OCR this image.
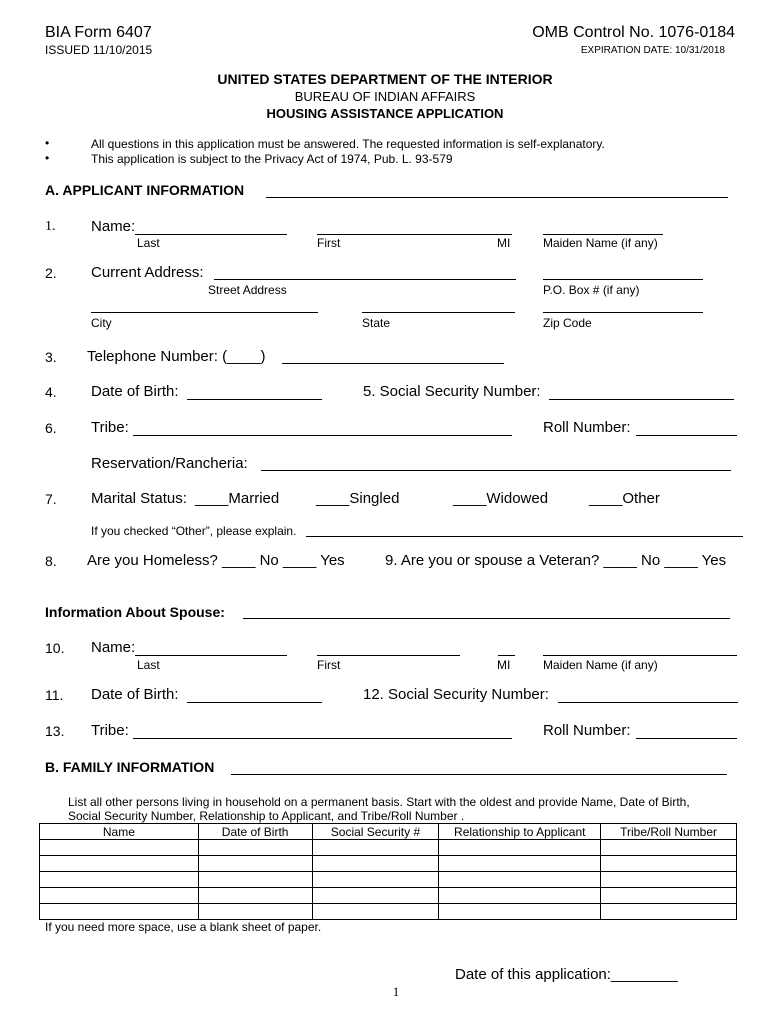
BIA Form 6407
ISSUED 11/10/2015
OMB Control No. 1076-0184
EXPIRATION DATE: 10/31/2018
UNITED STATES DEPARTMENT OF THE INTERIOR
BUREAU OF INDIAN AFFAIRS
HOUSING ASSISTANCE APPLICATION
•	All questions in this application must be answered. The requested information is self-explanatory.
•	This application is subject to the Privacy Act of 1974, Pub. L. 93-579
A. APPLICANT INFORMATION
1. Name:
Last	First	MI	Maiden Name (if any)
2. Current Address:
Street Address	P.O. Box # (if any)
City	State	Zip Code
3. Telephone Number: (____)
4. Date of Birth:	5. Social Security Number:
6. Tribe:	Roll Number:
Reservation/Rancheria:
7. Marital Status: ____Married ____Singled	____Widowed	____Other
If you checked “Other”, please explain.
8. Are you Homeless? ____ No ____ Yes	9. Are you or spouse a Veteran? ____ No ____ Yes
Information About Spouse:
10. Name:
Last	First	MI	Maiden Name (if any)
11. Date of Birth:	12. Social Security Number:
13. Tribe:	Roll Number:
B. FAMILY INFORMATION
List all other persons living in household on a permanent basis. Start with the oldest and provide Name, Date of Birth,
Social Security Number, Relationship to Applicant, and Tribe/Roll Number .
Name	Date of Birth	Social Security #	Relationship to Applicant	Tribe/Roll Number

If you need more space, use a blank sheet of paper.
Date of this application:________
1
